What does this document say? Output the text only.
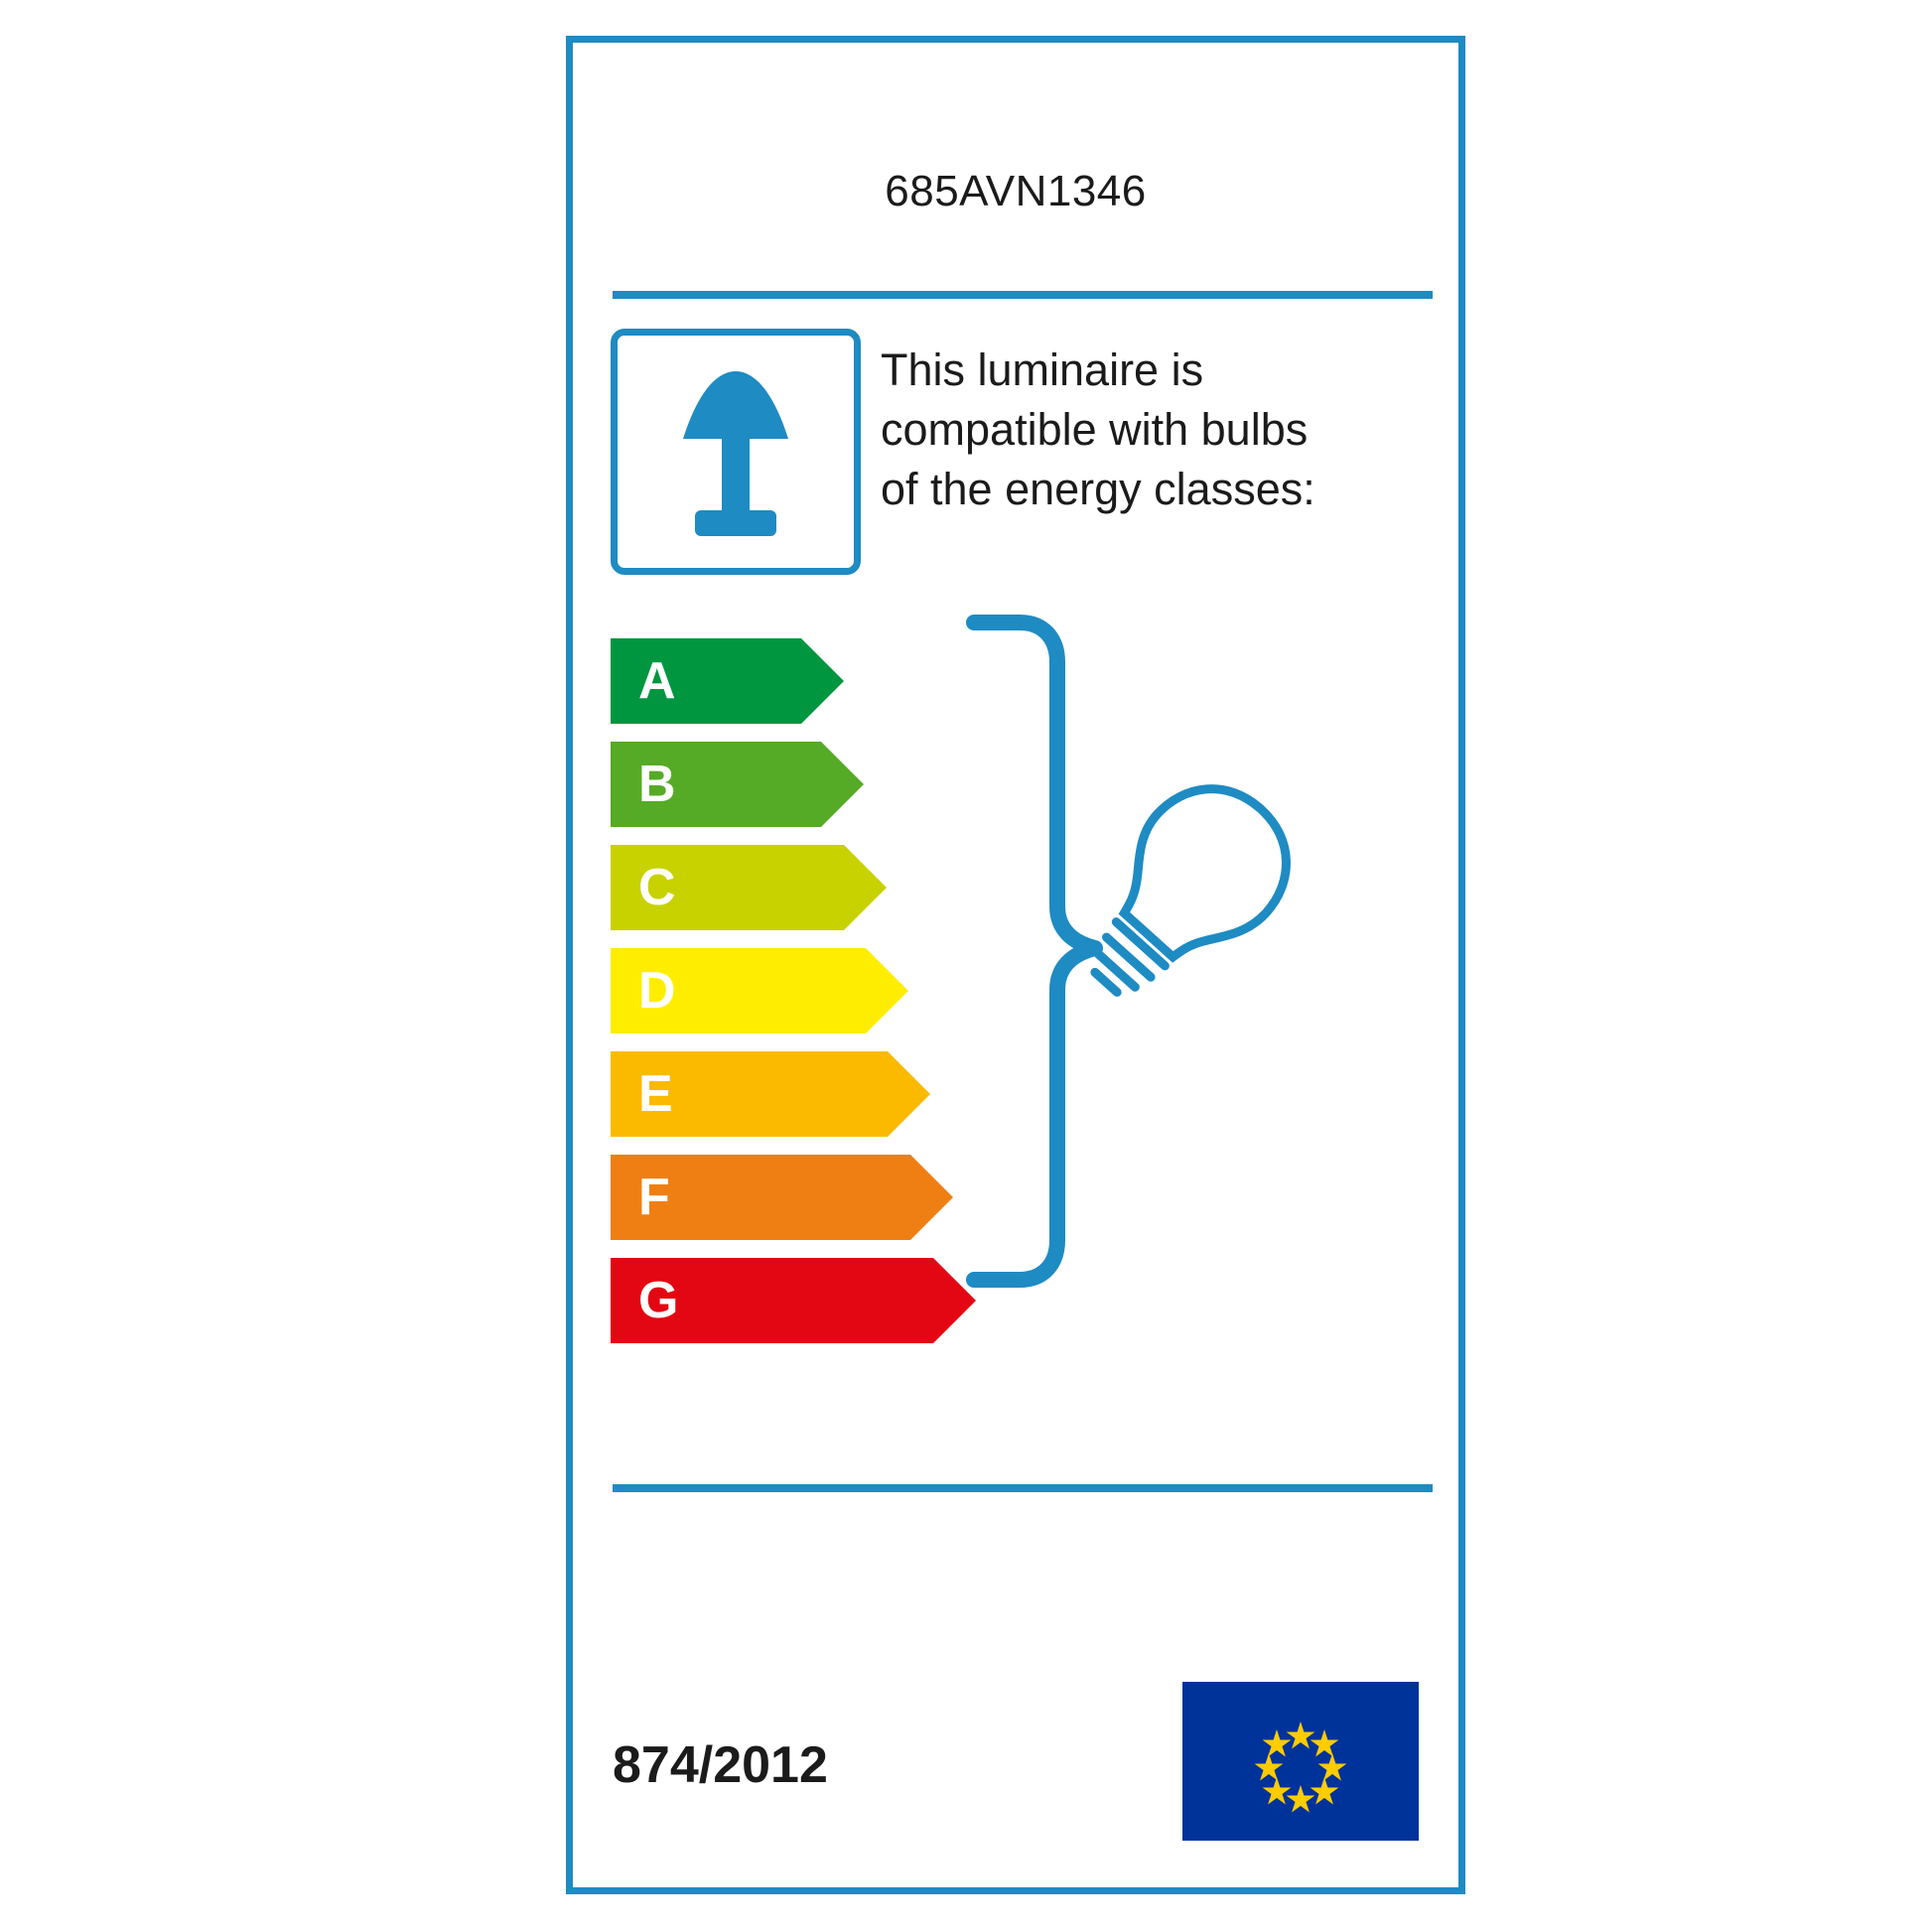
685AVN1346
This luminaire is
compatible with bulbs
of the energy classes:
A
B
C
D
E
F
G
874/2012
